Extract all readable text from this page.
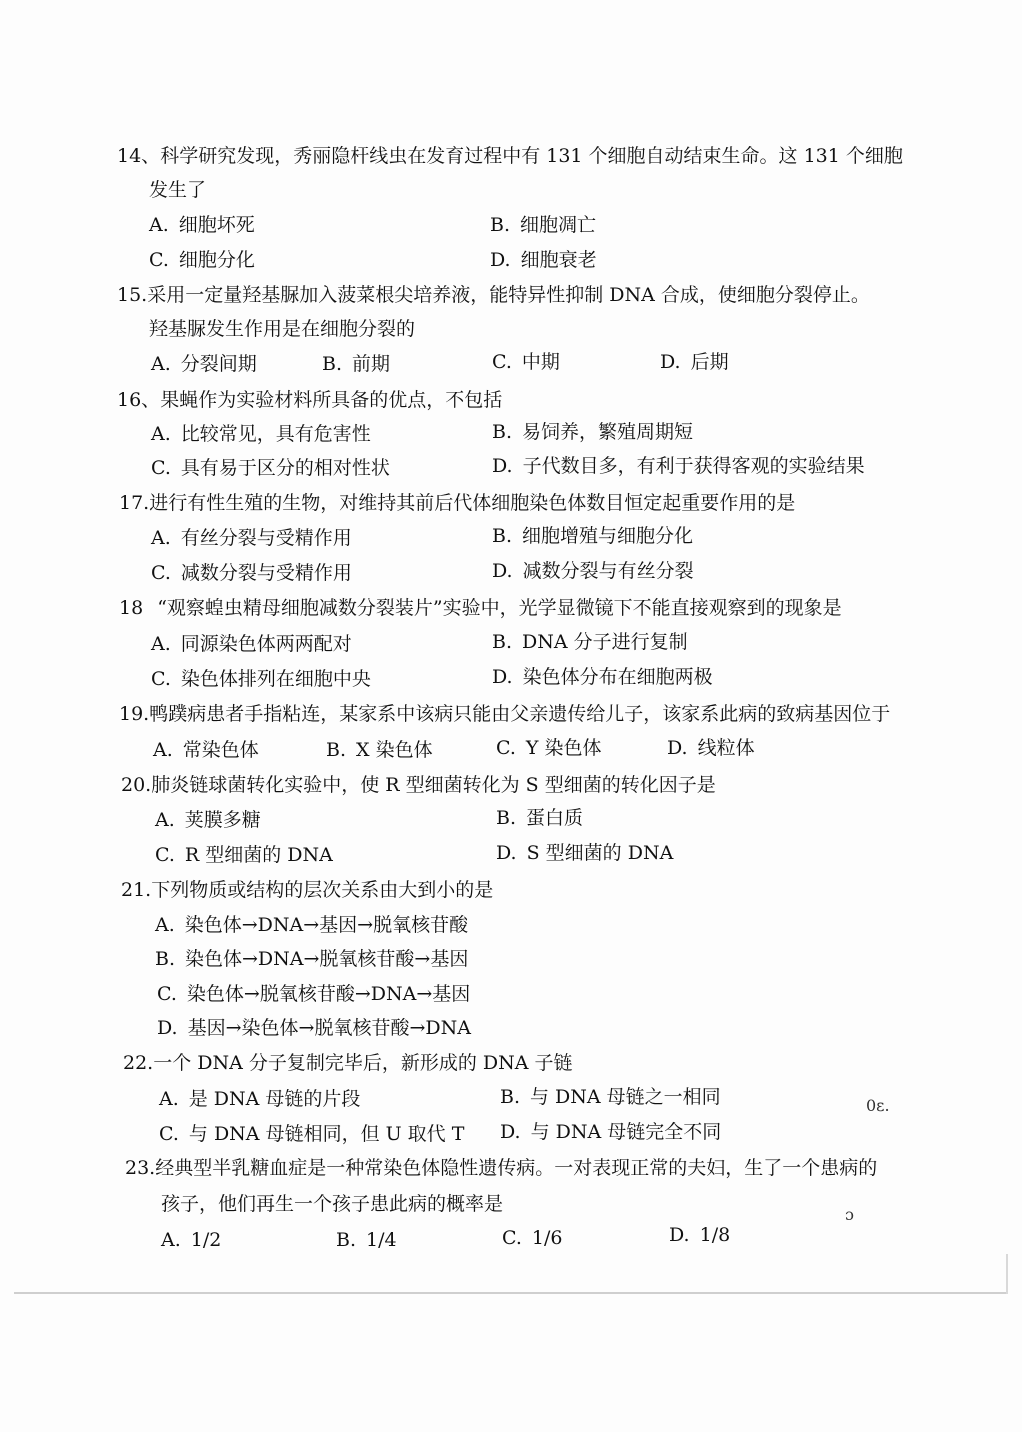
14、科学研究发现，秀丽隐杆线虫在发育过程中有 131 个细胞自动结束生命。这 131 个细胞
发生了
A. 细胞坏死	B. 细胞凋亡
C. 细胞分化	D. 细胞衰老
15.采用一定量羟基脲加入菠菜根尖培养液，能特异性抑制 DNA 合成，使细胞分裂停止。
羟基脲发生作用是在细胞分裂的
A. 分裂间期	B. 前期	C. 中期	D. 后期
16、果蝇作为实验材料所具备的优点，不包括
A. 比较常见，具有危害性	B. 易饲养，繁殖周期短
C. 具有易于区分的相对性状	D. 子代数目多，有利于获得客观的实验结果
17.进行有性生殖的生物，对维持其前后代体细胞染色体数目恒定起重要作用的是
A. 有丝分裂与受精作用	B. 细胞增殖与细胞分化
C. 减数分裂与受精作用	D. 减数分裂与有丝分裂
18 “观察蝗虫精母细胞减数分裂装片”实验中，光学显微镜下不能直接观察到的现象是
A. 同源染色体两两配对	B. DNA 分子进行复制
C. 染色体排列在细胞中央	D. 染色体分布在细胞两极
19.鸭蹼病患者手指粘连，某家系中该病只能由父亲遗传给儿子，该家系此病的致病基因位于
A. 常染色体	B. X 染色体	C. Y 染色体	D. 线粒体
20.肺炎链球菌转化实验中，使 R 型细菌转化为 S 型细菌的转化因子是
A. 荚膜多糖	B. 蛋白质
C. R 型细菌的 DNA	D. S 型细菌的 DNA
21.下列物质或结构的层次关系由大到小的是
A. 染色体→DNA→基因→脱氧核苷酸
B. 染色体→DNA→脱氧核苷酸→基因
C. 染色体→脱氧核苷酸→DNA→基因
D. 基因→染色体→脱氧核苷酸→DNA
22.一个 DNA 分子复制完毕后，新形成的 DNA 子链
A. 是 DNA 母链的片段	B. 与 DNA 母链之一相同
C. 与 DNA 母链相同，但 U 取代 T D. 与 DNA 母链完全不同
23.经典型半乳糖血症是一种常染色体隐性遗传病。一对表现正常的夫妇，生了一个患病的
孩子，他们再生一个孩子患此病的概率是
A. 1/2	B. 1/4	C. 1/6	D. 1/8
0ε.
ɔ
